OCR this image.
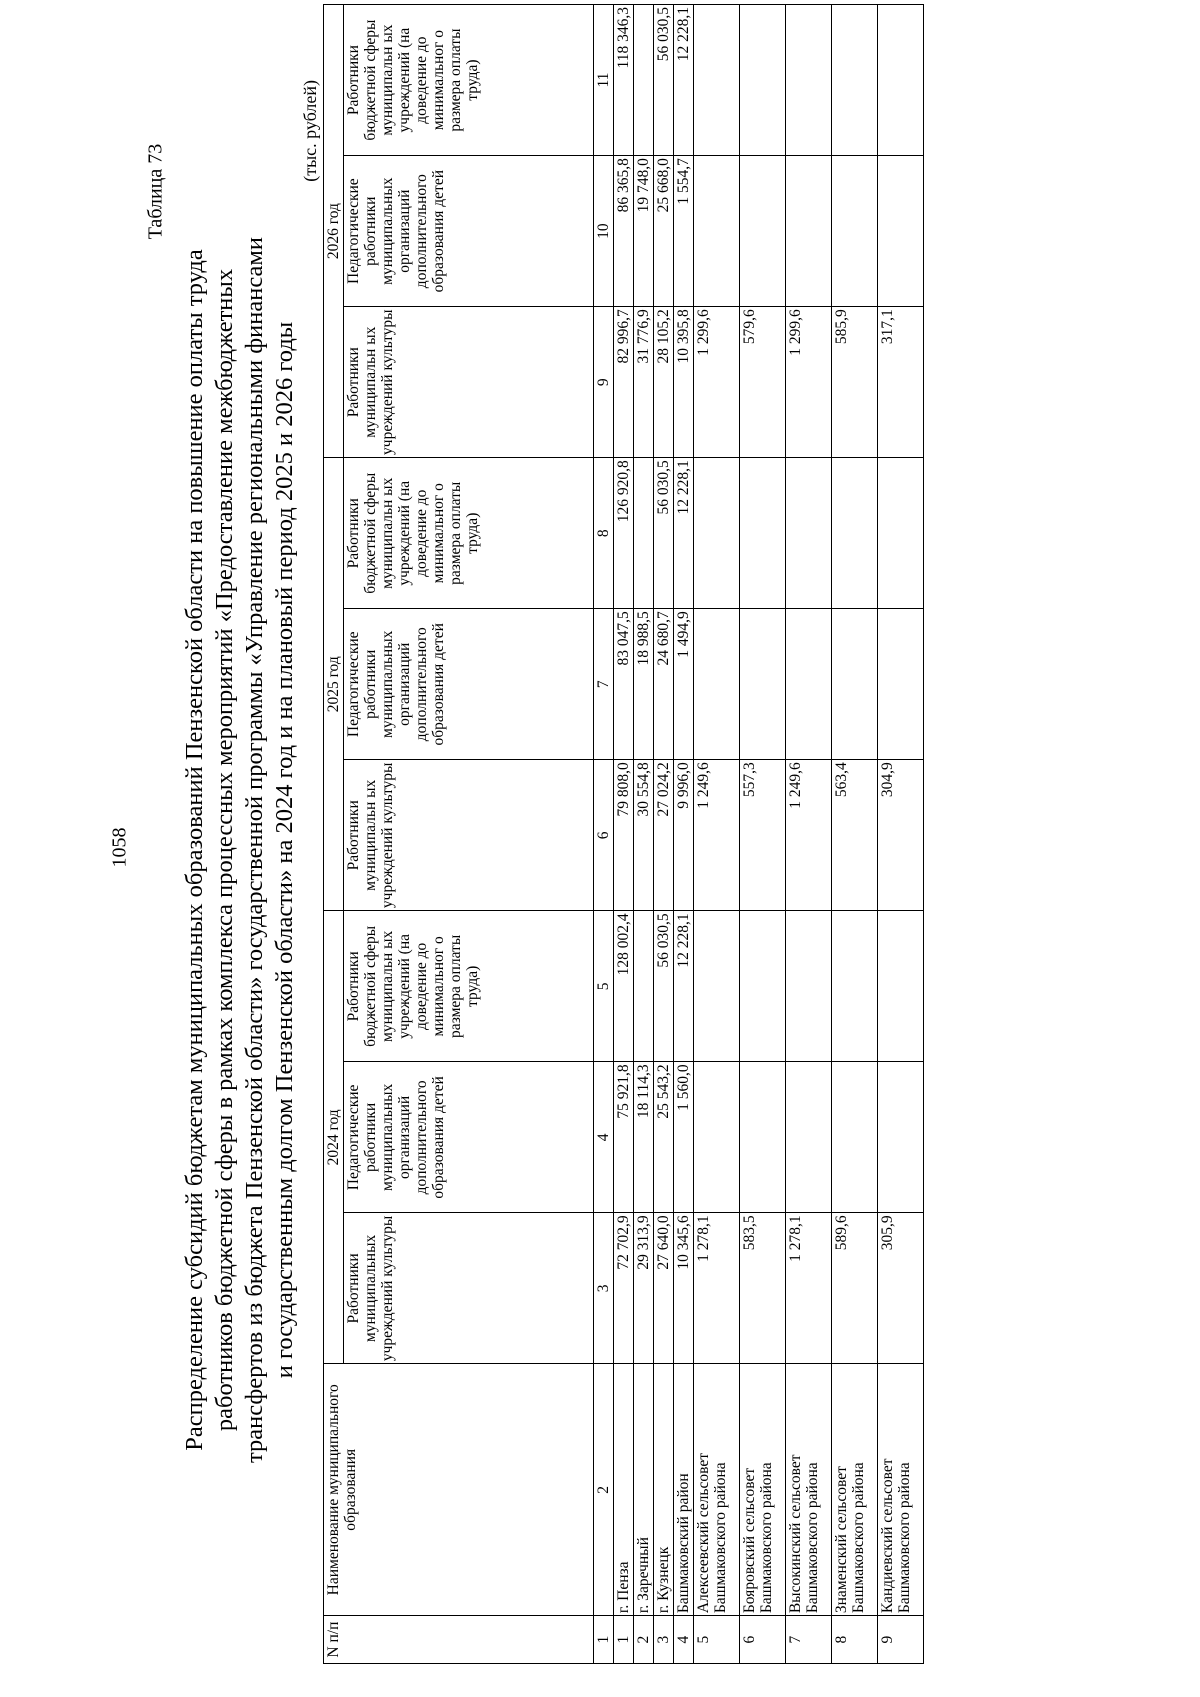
1058
Таблица 73
Распределение субсидий бюджетам муниципальных образований Пензенской области на повышение оплаты труда работников бюджетной сферы в рамках комплекса процессных мероприятий «Предоставление межбюджетных трансфертов из бюджета Пензенской области» государственной программы «Управление региональными финансами и государственным долгом Пензенской области» на 2024 год и на плановый период 2025 и 2026 годы
(тыс. рублей)
N п/п	Наименование муниципального образования	2024 год			2025 год			2026 год		
		Работники муниципальных учреждений культуры	Педагогические работники муниципальных организаций дополнительного образования детей	Работники бюджетной сферы муниципальн ых учреждений (на доведение до минимальног о размера оплаты труда)	Работники муниципальн ых учреждений культуры	Педагогические работники муниципальных организаций дополнительного образования детей	Работники бюджетной сферы муниципальн ых учреждений (на доведение до минимальног о размера оплаты труда)	Работники муниципальн ых учреждений культуры	Педагогические работники муниципальных организаций дополнительного образования детей	Работники бюджетной сферы муниципальн ых учреждений (на доведение до минимальног о размера оплаты труда)
1	2	3	4	5	6	7	8	9	10	11
1	г. Пенза	72 702,9	75 921,8	128 002,4	79 808,0	83 047,5	126 920,8	82 996,7	86 365,8	118 346,3
2	г. Заречный	29 313,9	18 114,3		30 554,8	18 988,5		31 776,9	19 748,0	
3	г. Кузнецк	27 640,0	25 543,2	56 030,5	27 024,2	24 680,7	56 030,5	28 105,2	25 668,0	56 030,5
4	Башмаковский район	10 345,6	1 560,0	12 228,1	9 996,0	1 494,9	12 228,1	10 395,8	1 554,7	12 228,1
5	Алексеевский сельсовет Башмаковского района	1 278,1			1 249,6			1 299,6		
6	Бояровский сельсовет Башмаковского района	583,5			557,3			579,6		
7	Высокинский сельсовет Башмаковского района	1 278,1			1 249,6			1 299,6		
8	Знаменский сельсовет Башмаковского района	589,6			563,4			585,9		
9	Кандиевский сельсовет Башмаковского района	305,9			304,9			317,1		
